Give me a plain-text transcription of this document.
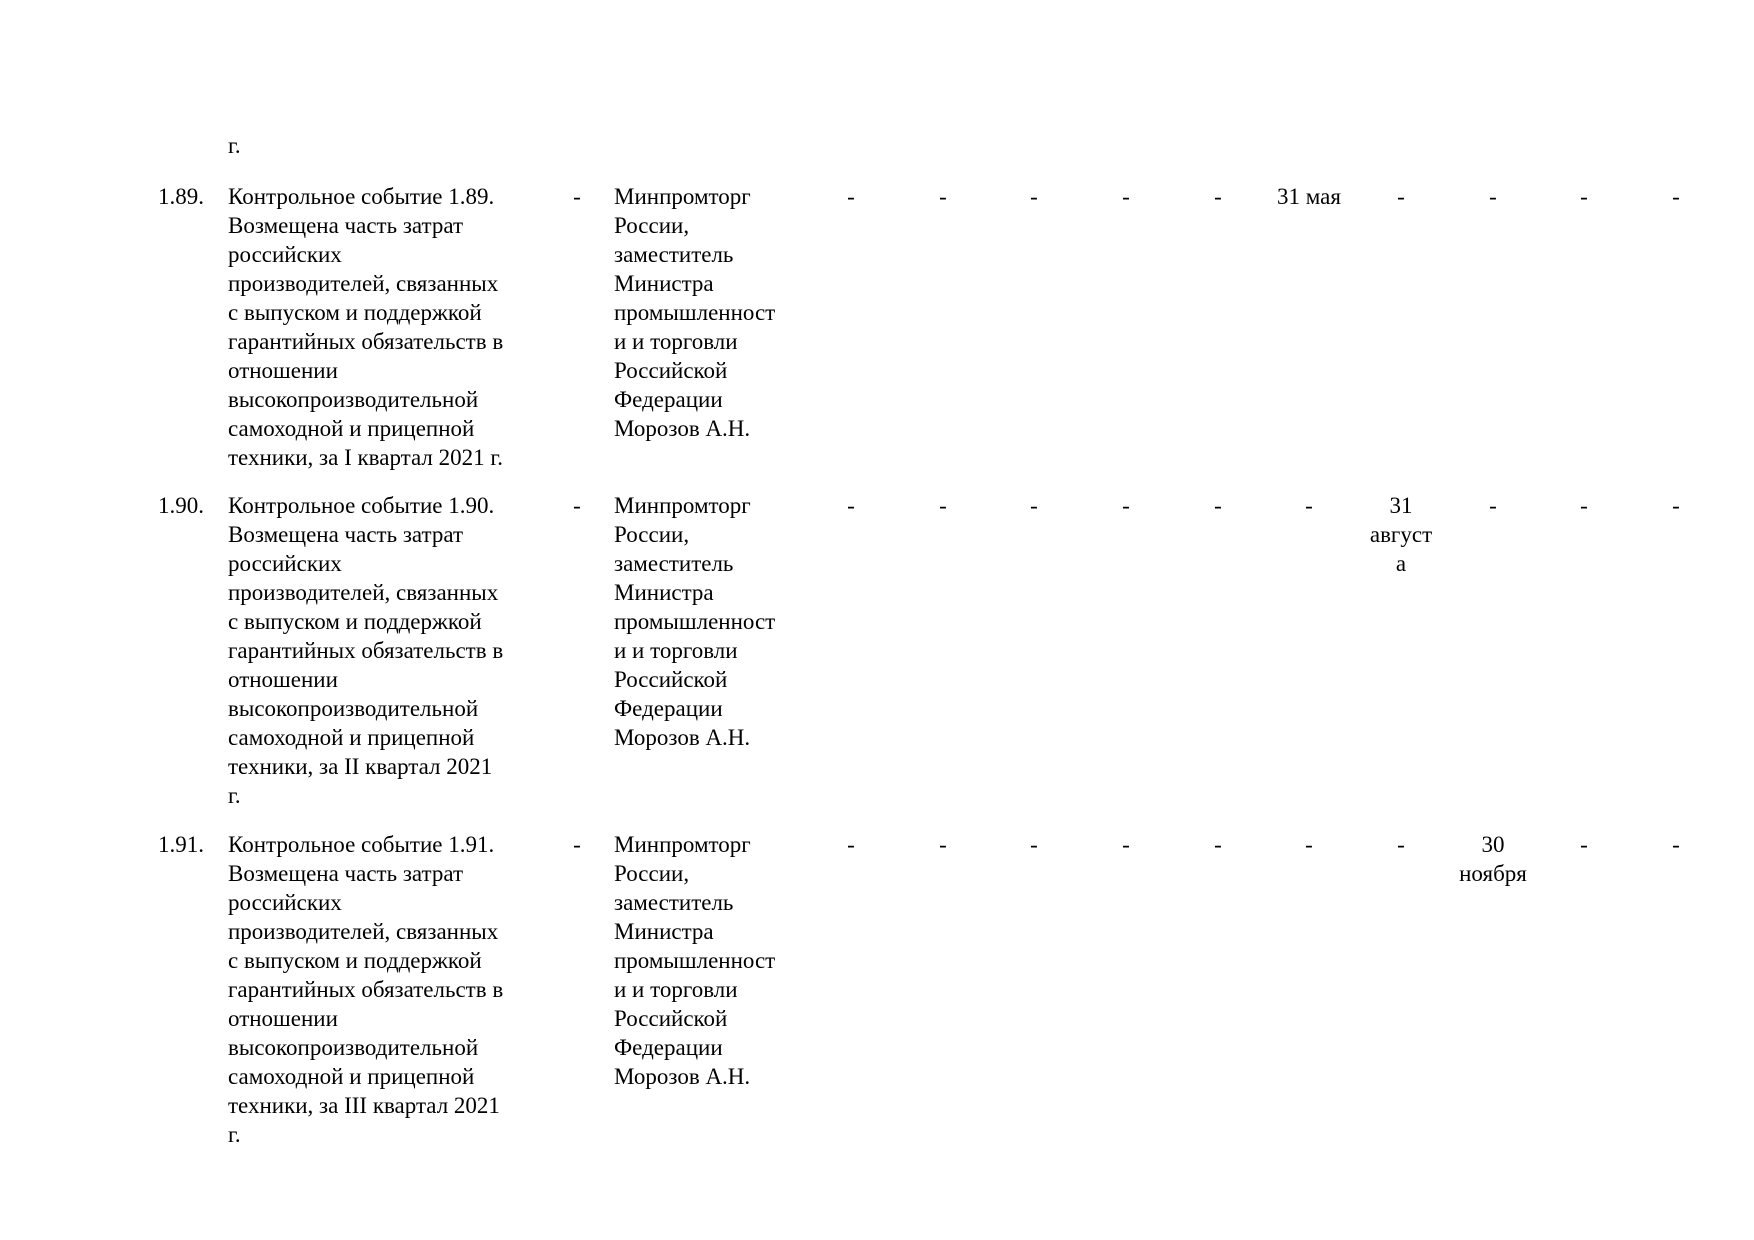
г.
1.89.	Контрольное событие 1.89.
Возмещена часть затрат
российских
производителей, связанных
с выпуском и поддержкой
гарантийных обязательств в
отношении
высокопроизводительной
самоходной и прицепной
техники, за I квартал 2021 г.
-	Минпромторг
России,
заместитель
Министра
промышленност
и и торговли
Российской
Федерации
Морозов А.Н.
-	-	-	-	-	31 мая	-	-	-	-
1.90.	Контрольное событие 1.90.
Возмещена часть затрат
российских
производителей, связанных
с выпуском и поддержкой
гарантийных обязательств в
отношении
высокопроизводительной
самоходной и прицепной
техники, за II квартал 2021
г.
-	Минпромторг
России,
заместитель
Министра
промышленност
и и торговли
Российской
Федерации
Морозов А.Н.
-	-	-	-	-	-	31
август
а
-	-	-
1.91.	Контрольное событие 1.91.
Возмещена часть затрат
российских
производителей, связанных
с выпуском и поддержкой
гарантийных обязательств в
отношении
высокопроизводительной
самоходной и прицепной
техники, за III квартал 2021
г.
-	Минпромторг
России,
заместитель
Министра
промышленност
и и торговли
Российской
Федерации
Морозов А.Н.
-	-	-	-	-	-	-	30
ноября
-	-
